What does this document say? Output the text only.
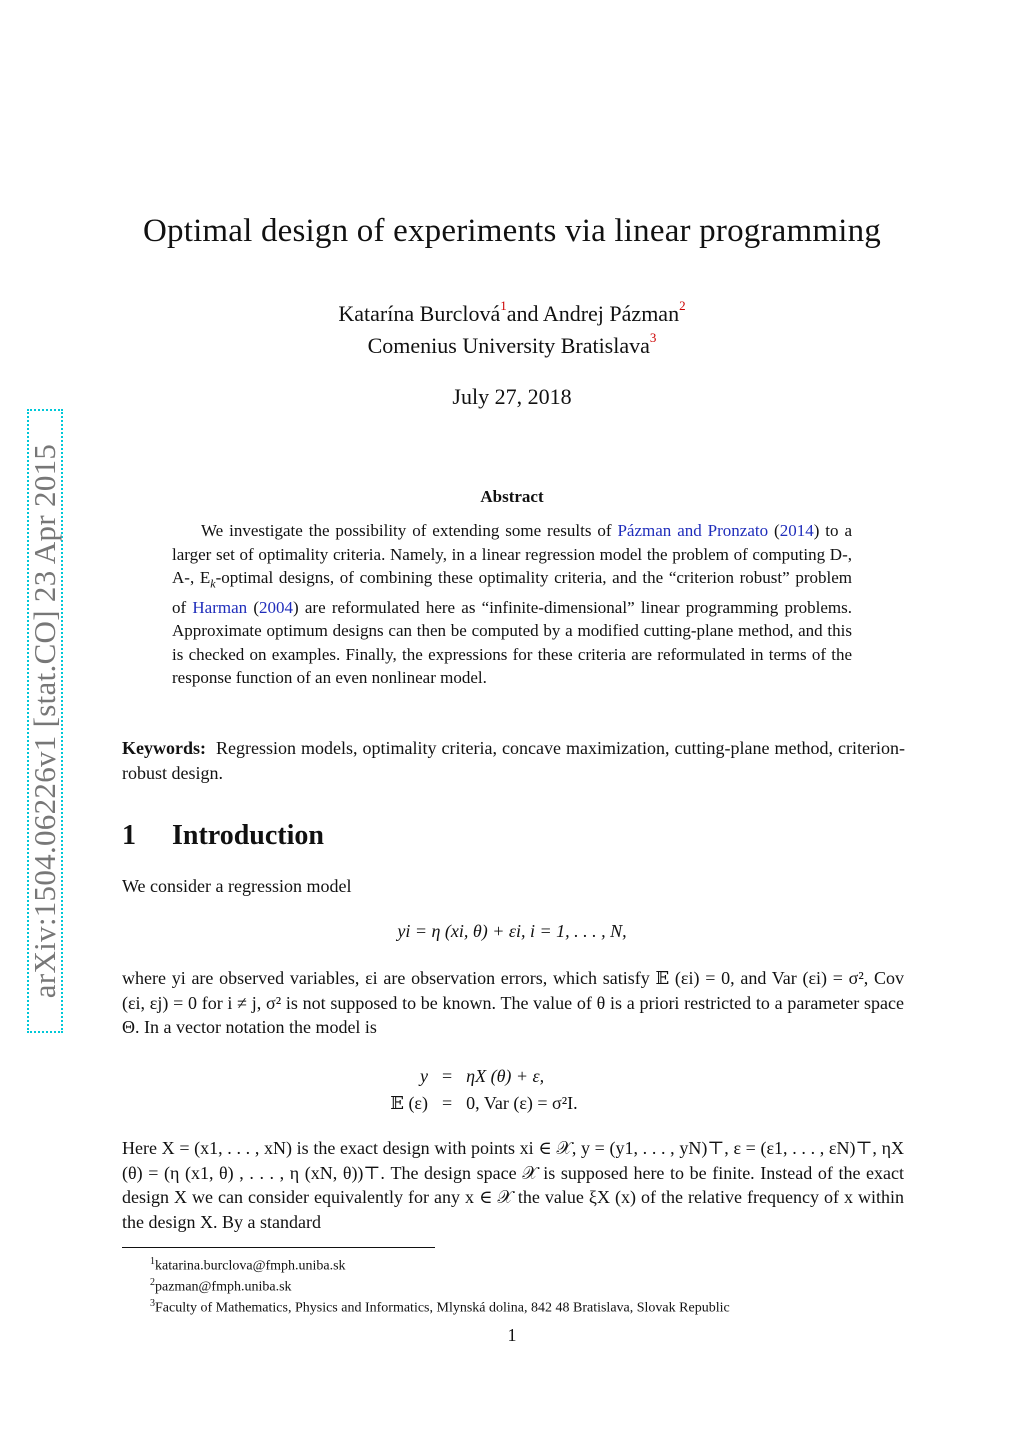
Optimal design of experiments via linear programming
Katarína Burclová$^1$and Andrej Pázman$^2$
Comenius University Bratislava$^3$
July 27, 2018
arXiv:1504.06226v1 [stat.CO] 23 Apr 2015	Abstract

We investigate the possibility of extending some results of Pázman and Pronzato (2014) to a larger set of optimality criteria. Namely, in a linear regression model the problem of computing D-, A-, $E_k$-optimal designs, of combining these optimality criteria, and the “criterion robust” problem of Harman (2004) are reformulated here as “infinite-dimensional” linear programming problems. Approximate optimum designs can then be computed by a modified cutting-plane method, and this is checked on examples. Finally, the expressions for these criteria are reformulated in terms of the response function of an even nonlinear model.

Keywords: Regression models, optimality criteria, concave maximization, cutting-plane method, criterion-robust design.
1 Introduction
We consider a regression model
yi = η (xi, θ) + εi, i = 1, . . . , N,
where yi are observed variables, εi are observation errors, which satisfy 𝔼 (εi) = 0, and Var (εi) = σ², Cov (εi, εj) = 0 for i ≠ j, σ² is not supposed to be known. The value of θ is a priori restricted to a parameter space Θ. In a vector notation the model is
y	=	ηX (θ) + ε,
𝔼 (ε)	=	0, Var (ε) = σ²I.
Here X = (x1, . . . , xN) is the exact design with points xi ∈ 𝒳, y = (y1, . . . , yN)⊤, ε = (ε1, . . . , εN)⊤, ηX (θ) = (η (x1, θ) , . . . , η (xN, θ))⊤. The design space 𝒳 is supposed here to be finite. Instead of the exact design X we can consider equivalently for any x ∈ 𝒳 the value ξX (x) of the relative frequency of x within the design X. By a standard
$^1$katarina.burclova@fmph.uniba.sk
$^2$pazman@fmph.uniba.sk
$^3$Faculty of Mathematics, Physics and Informatics, Mlynská dolina, 842 48 Bratislava, Slovak Republic
1
